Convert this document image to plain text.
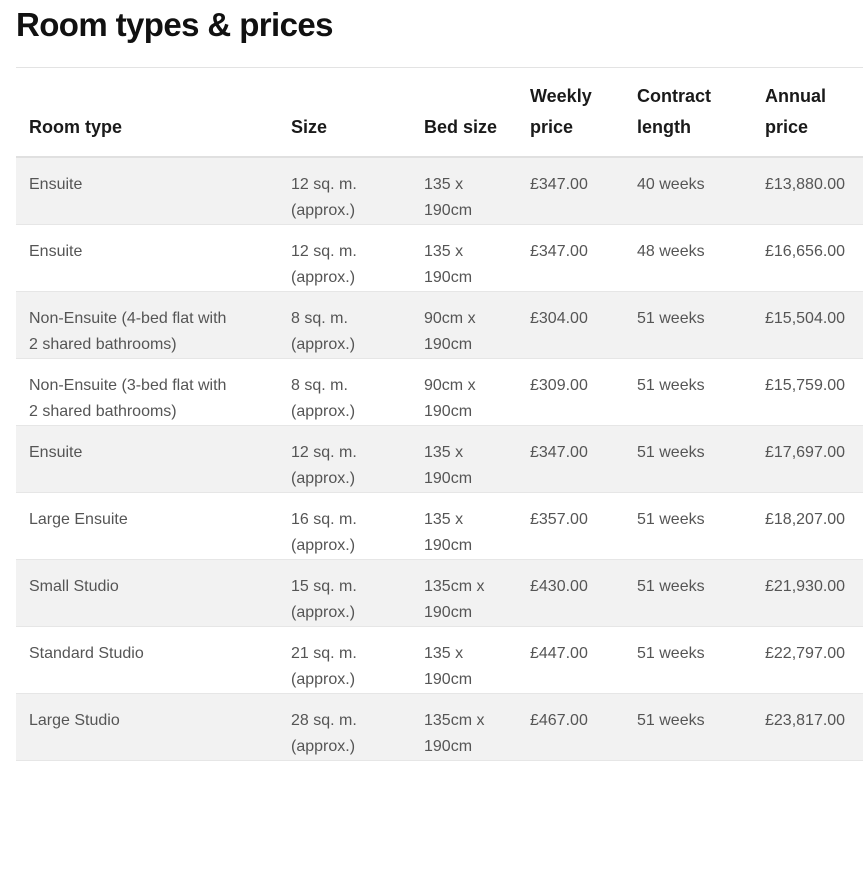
Room types & prices
Room type	Size	Bed size	Weekly price	Contract length	Annual price

Ensuite	12 sq. m. (approx.)	135 x 190cm	£347.00	40 weeks	£13,880.00

Ensuite	12 sq. m. (approx.)	135 x 190cm	£347.00	48 weeks	£16,656.00

Non-Ensuite (4-bed flat with 2 shared bathrooms)	8 sq. m. (approx.)	90cm x 190cm	£304.00	51 weeks	£15,504.00

Non-Ensuite (3-bed flat with 2 shared bathrooms)	8 sq. m. (approx.)	90cm x 190cm	£309.00	51 weeks	£15,759.00

Ensuite	12 sq. m. (approx.)	135 x 190cm	£347.00	51 weeks	£17,697.00

Large Ensuite	16 sq. m. (approx.)	135 x 190cm	£357.00	51 weeks	£18,207.00

Small Studio	15 sq. m. (approx.)	135cm x 190cm	£430.00	51 weeks	£21,930.00

Standard Studio	21 sq. m. (approx.)	135 x 190cm	£447.00	51 weeks	£22,797.00

Large Studio	28 sq. m. (approx.)	135cm x 190cm	£467.00	51 weeks	£23,817.00
